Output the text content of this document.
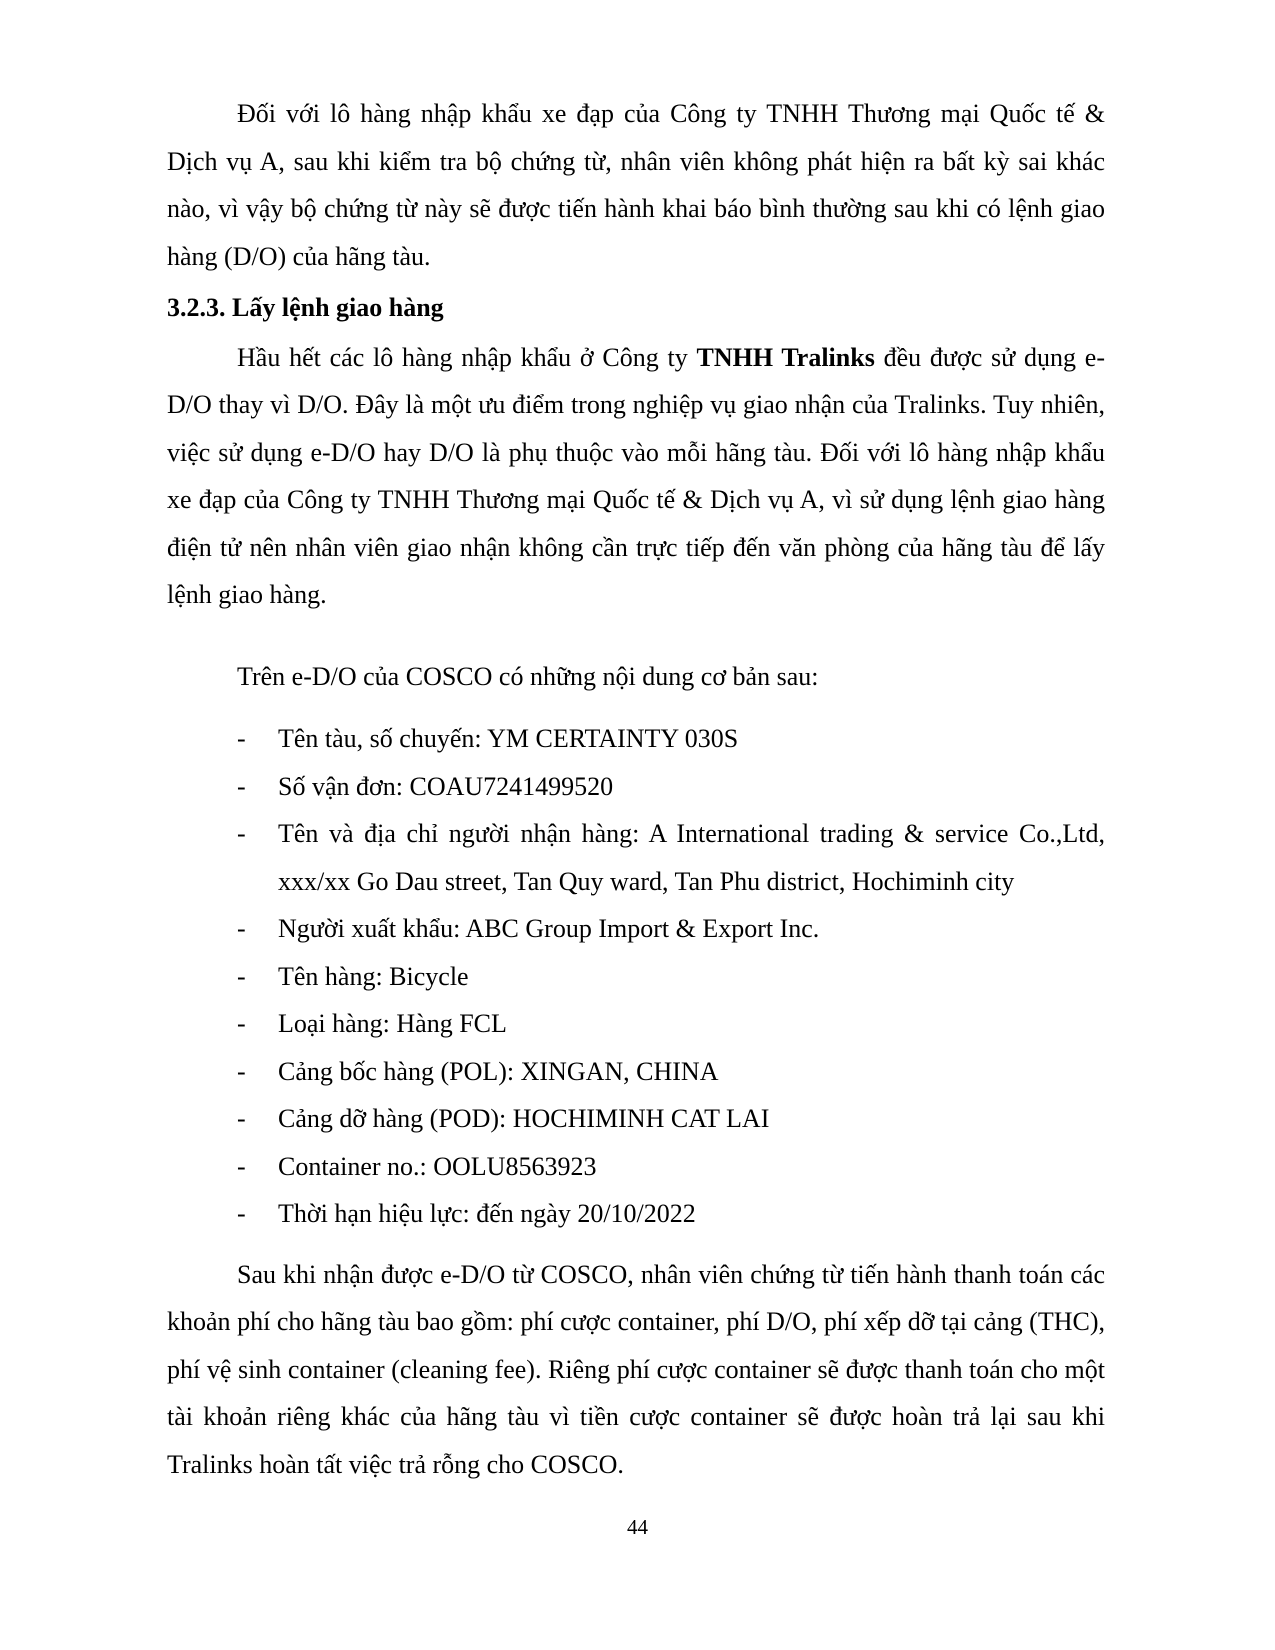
Đối với lô hàng nhập khẩu xe đạp của Công ty TNHH Thương mại Quốc tế & Dịch vụ A, sau khi kiểm tra bộ chứng từ, nhân viên không phát hiện ra bất kỳ sai khác nào, vì vậy bộ chứng từ này sẽ được tiến hành khai báo bình thường sau khi có lệnh giao hàng (D/O) của hãng tàu.

3.2.3. Lấy lệnh giao hàng

Hầu hết các lô hàng nhập khẩu ở Công ty TNHH Tralinks đều được sử dụng e-D/O thay vì D/O. Đây là một ưu điểm trong nghiệp vụ giao nhận của Tralinks. Tuy nhiên, việc sử dụng e-D/O hay D/O là phụ thuộc vào mỗi hãng tàu. Đối với lô hàng nhập khẩu xe đạp của Công ty TNHH Thương mại Quốc tế & Dịch vụ A, vì sử dụng lệnh giao hàng điện tử nên nhân viên giao nhận không cần trực tiếp đến văn phòng của hãng tàu để lấy lệnh giao hàng.

Trên e-D/O của COSCO có những nội dung cơ bản sau:

-	Tên tàu, số chuyến: YM CERTAINTY 030S
-	Số vận đơn: COAU7241499520
-	Tên và địa chỉ người nhận hàng: A International trading & service Co.,Ltd, xxx/xx Go Dau street, Tan Quy ward, Tan Phu district, Hochiminh city
-	Người xuất khẩu: ABC Group Import & Export Inc.
-	Tên hàng: Bicycle
-	Loại hàng: Hàng FCL
-	Cảng bốc hàng (POL): XINGAN, CHINA
-	Cảng dỡ hàng (POD): HOCHIMINH CAT LAI
-	Container no.: OOLU8563923
-	Thời hạn hiệu lực: đến ngày 20/10/2022

Sau khi nhận được e-D/O từ COSCO, nhân viên chứng từ tiến hành thanh toán các khoản phí cho hãng tàu bao gồm: phí cược container, phí D/O, phí xếp dỡ tại cảng (THC), phí vệ sinh container (cleaning fee). Riêng phí cược container sẽ được thanh toán cho một tài khoản riêng khác của hãng tàu vì tiền cược container sẽ được hoàn trả lại sau khi Tralinks hoàn tất việc trả rỗng cho COSCO.

44
